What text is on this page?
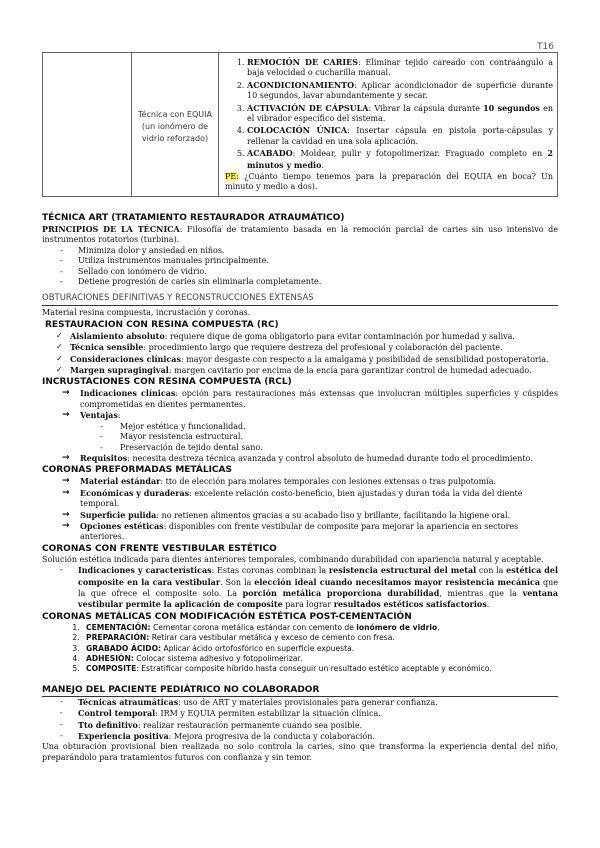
T16
	Técnica con EQUIA (un ionómero de vidrio reforzado)	
1. REMOCIÓN DE CARIES: Eliminar tejido careado con contraángulo a baja velocidad o cucharilla manual.
2. ACONDICIONAMIENTO: Aplicar acondicionador de superficie durante 10 segundos, lavar abundantemente y secar.
3. ACTIVACIÓN DE CÁPSULA: Vibrar la cápsula durante 10 segundos en el vibrador específico del sistema.
4. COLOCACIÓN ÚNICA: Insertar cápsula en pistola porta-cápsulas y rellenar la cavidad en una sola aplicación.
5. ACABADO: Moldear, pulir y fotopolimerizar. Fraguado completo en 2 minutos y medio.
PE: ¿Cuánto tiempo tenemos para la preparación del EQUIA en boca? Un minuto y medio a dos).
TÉCNICA ART (TRATAMIENTO RESTAURADOR ATRAUMÁTICO)

PRINCIPIOS DE LA TÉCNICA: Filosofía de tratamiento basada en la remoción parcial de caries sin uso intensivo de instrumentos rotatorios (turbina).

- Minimiza dolor y ansiedad en niños.
- Utiliza instrumentos manuales principalmente.
- Sellado con ionómero de vidrio.
- Detiene progresión de caries sin eliminarla completamente.
OBTURACIONES DEFINITIVAS Y RECONSTRUCCIONES EXTENSAS

Material resina compuesta, incrustación y coronas.

RESTAURACION CON RESINA COMPUESTA (RC)
✓ Aislamiento absoluto: requiere dique de goma obligatorio para evitar contaminación por humedad y saliva.
✓ Técnica sensible: procedimiento largo que requiere destreza del profesional y colaboración del paciente.
✓ Consideraciones clínicas: mayor desgaste con respecto a la amalgama y posibilidad de sensibilidad postoperatoria.
✓ Margen supragingival: margen cavitario por encima de la encía para garantizar control de humedad adecuado.
INCRUSTACIONES CON RESINA COMPUESTA (RCL)
→ Indicaciones clínicas: opción para restauraciones más extensas que involucran múltiples superficies y cúspides comprometidas en dientes permanentes.
→ Ventajas:
- Mejor estética y funcionalidad.
- Mayor resistencia estructural.
- Preservación de tejido dental sano.
→ Requisitos: necesita destreza técnica avanzada y control absoluto de humedad durante todo el procedimiento.
CORONAS PREFORMADAS METÁLICAS
→ Material estándar: tto de elección para molares temporales con lesiones extensas o tras pulpotomía.
→ Económicas y duraderas: excelente relación costo-beneficio, bien ajustadas y duran toda la vida del diente temporal.
→ Superficie pulida: no retienen alimentos gracias a su acabado liso y brillante, facilitando la higiene oral.
→ Opciones estéticas: disponibles con frente vestibular de composite para mejorar la apariencia en sectores anteriores.
CORONAS CON FRENTE VESTIBULAR ESTÉTICO

Solución estética indicada para dientes anteriores temporales, combinando durabilidad con apariencia natural y aceptable.

- Indicaciones y características: Estas coronas combinan la resistencia estructural del metal con la estética del composite en la cara vestibular. Son la elección ideal cuando necesitamos mayor resistencia mecánica que la que ofrece el composite solo. La porción metálica proporciona durabilidad, mientras que la ventana vestibular permite la aplicación de composite para lograr resultados estéticos satisfactorios.
CORONAS METÁLICAS CON MODIFICACIÓN ESTÉTICA POST-CEMENTACIÓN
1. CEMENTACIÓN: Cementar corona metálica estándar con cemento de ionómero de vidrio.
2. PREPARACIÓN: Retirar cara vestibular metálica y exceso de cemento con fresa.
3. GRABADO ÁCIDO: Aplicar ácido ortofosfórico en superficie expuesta.
4. ADHESIÓN: Colocar sistema adhesivo y fotopolimerizar.
5. COMPOSITE: Estratificar composite híbrido hasta conseguir un resultado estético aceptable y económico.
MANEJO DEL PACIENTE PEDIÁTRICO NO COLABORADOR
- Técnicas atraumáticas: uso de ART y materiales provisionales para generar confianza.
- Control temporal: IRM y EQUIA permiten estabilizar la situación clínica.
- Tto definitivo: realizar restauración permanente cuando sea posible.
- Experiencia positiva: Mejora progresiva de la conducta y colaboración.

Una obturación provisional bien realizada no solo controla la caries, sino que transforma la experiencia dental del niño, preparándolo para tratamientos futuros con confianza y sin temor.
